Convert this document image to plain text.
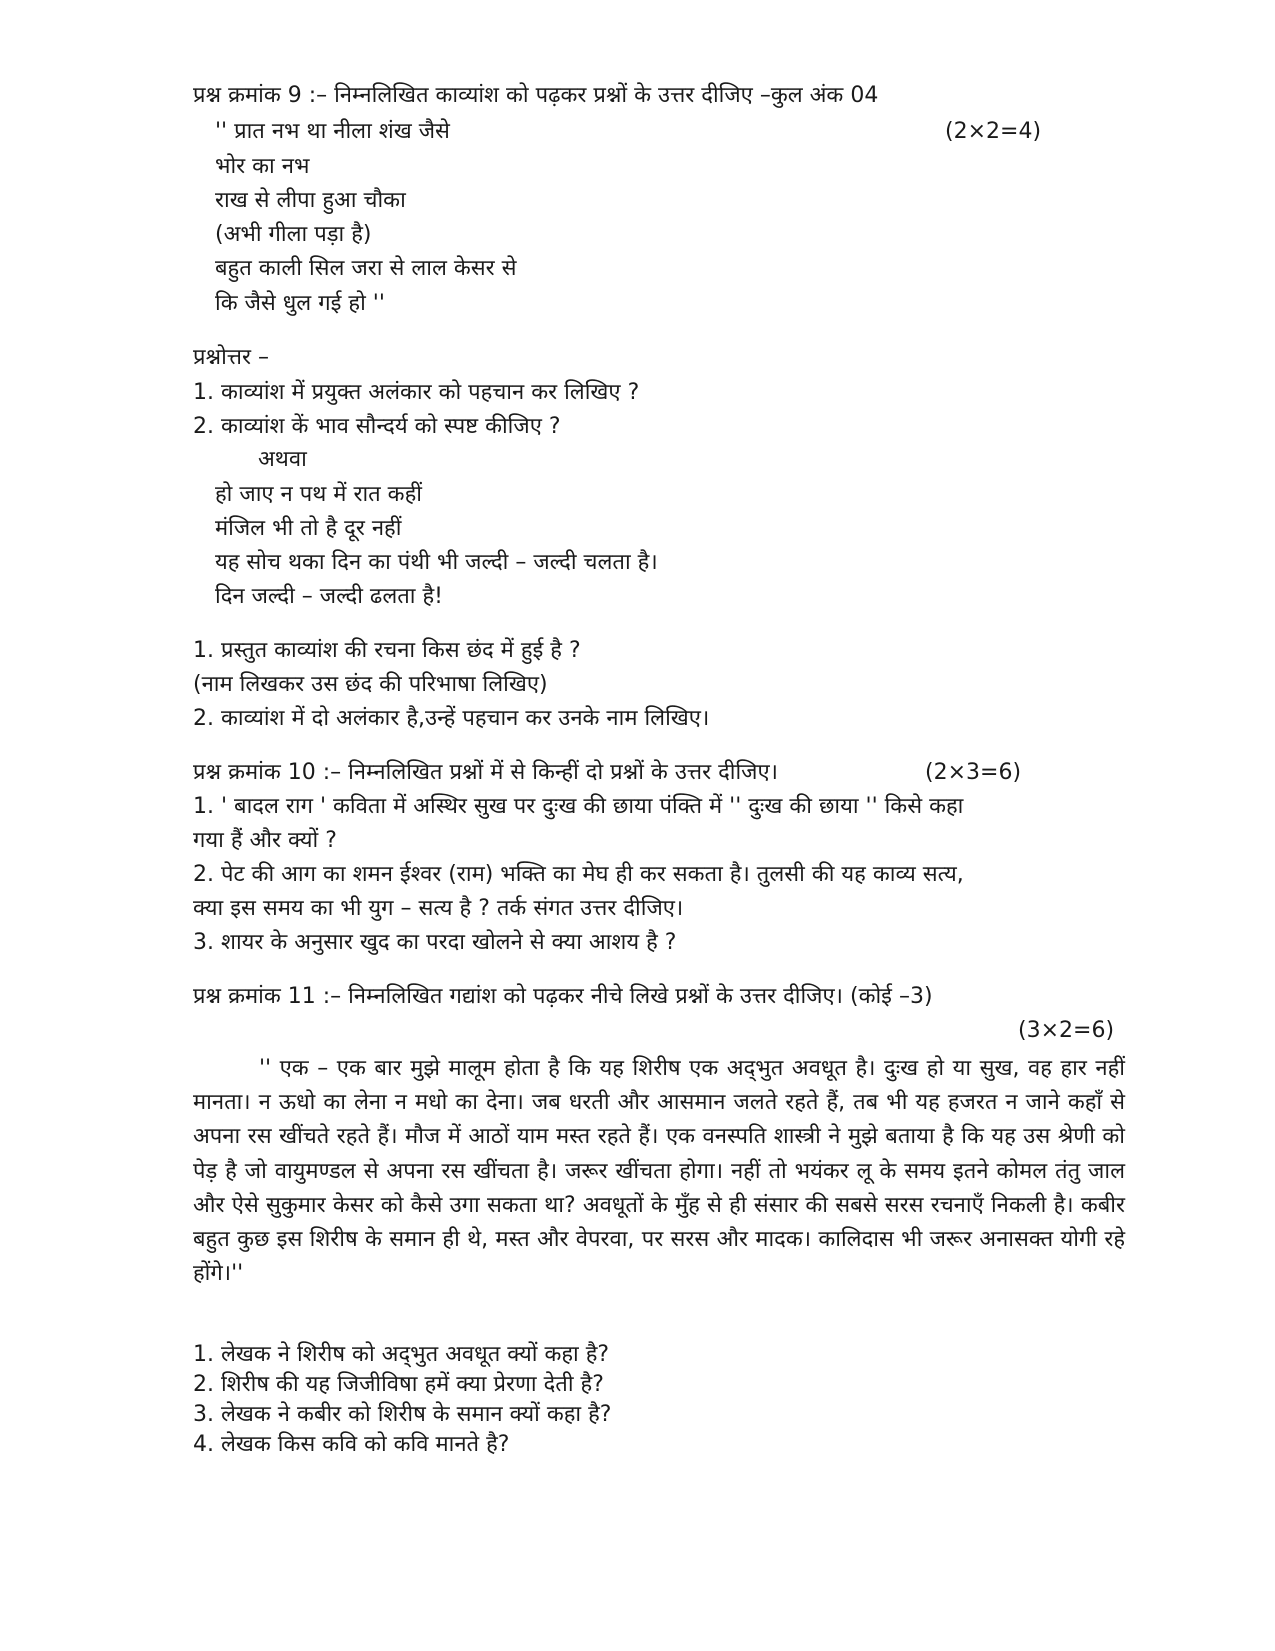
प्रश्न क्रमांक 9 :– निम्नलिखित काव्यांश को पढ़कर प्रश्नों के उत्तर दीजिए –कुल अंक 04
(2×2=4)
'' प्रात नभ था नीला शंख जैसे
भोर का नभ
राख से लीपा हुआ चौका
(अभी गीला पड़ा है)
बहुत काली सिल जरा से लाल केसर से
कि जैसे धुल गई हो ''
प्रश्नोत्तर –
1. काव्यांश में प्रयुक्त अलंकार को पहचान कर लिखिए ?
2. काव्यांश कें भाव सौन्दर्य को स्पष्ट कीजिए ?
अथवा
हो जाए न पथ में रात कहीं
मंजिल भी तो है दूर नहीं
यह सोच थका दिन का पंथी भी जल्दी – जल्दी चलता है।
दिन जल्दी – जल्दी ढलता है!
1. प्रस्तुत काव्यांश की रचना किस छंद में हुई है ?
(नाम लिखकर उस छंद की परिभाषा लिखिए)
2. काव्यांश में दो अलंकार है,उन्हें पहचान कर उनके नाम लिखिए।
प्रश्न क्रमांक 10 :– निम्नलिखित प्रश्नों में से किन्हीं दो प्रश्नों के उत्तर दीजिए।	(2×3=6)
1. ' बादल राग ' कविता में अस्थिर सुख पर दुःख की छाया पंक्ति में '' दुःख की छाया '' किसे कहा
गया हैं और क्यों ?
2. पेट की आग का शमन ईश्वर (राम) भक्ति का मेघ ही कर सकता है। तुलसी की यह काव्य सत्य,
क्या इस समय का भी युग – सत्य है ? तर्क संगत उत्तर दीजिए।
3. शायर के अनुसार खुद का परदा खोलने से क्या आशय है ?
प्रश्न क्रमांक 11 :– निम्नलिखित गद्यांश को पढ़कर नीचे लिखे प्रश्नों के उत्तर दीजिए। (कोई –3)
(3×2=6)
'' एक – एक बार मुझे मालूम होता है कि यह शिरीष एक अद्‌भुत अवधूत है। दुःख हो या सुख, वह हार नहीं मानता। न ऊधो का लेना न मधो का देना। जब धरती और आसमान जलते रहते हैं, तब भी यह हजरत न जाने कहाँ से अपना रस खींचते रहते हैं। मौज में आठों याम मस्त रहते हैं। एक वनस्पति शास्त्री ने मुझे बताया है कि यह उस श्रेणी को पेड़ है जो वायुमण्डल से अपना रस खींचता है। जरूर खींचता होगा। नहीं तो भयंकर लू के समय इतने कोमल तंतु जाल और ऐसे सुकुमार केसर को कैसे उगा सकता था? अवधूतों के मुँह से ही संसार की सबसे सरस रचनाएँ निकली है। कबीर बहुत कुछ इस शिरीष के समान ही थे, मस्त और वेपरवा, पर सरस और मादक। कालिदास भी जरूर अनासक्त योगी रहे होंगे।''
1. लेखक ने शिरीष को अद्‌भुत अवधूत क्यों कहा है?
2. शिरीष की यह जिजीविषा हमें क्या प्रेरणा देती है?
3. लेखक ने कबीर को शिरीष के समान क्यों कहा है?
4. लेखक किस कवि को कवि मानते है?
